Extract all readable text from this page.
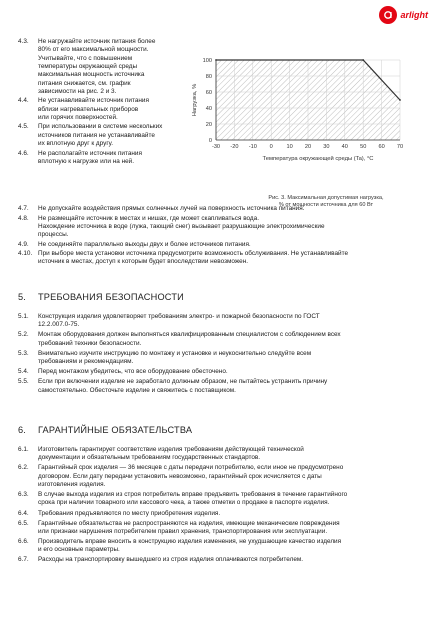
arlight
4.3. Не нагружайте источник питания более
80% от его максимальной мощности.
Учитывайте, что с повышением
температуры окружающей среды
максимальная мощность источника
питания снижается, см. график
зависимости на рис. 2 и 3.
4.4. Не устанавливайте источник питания
вблизи нагревательных приборов
или горячих поверхностей.
4.5. При использовании в системе нескольких
источников питания не устанавливайте
их вплотную друг к другу.
4.6. Не располагайте источник питания
вплотную к нагрузке или на ней.
4.7. Не допускайте воздействия прямых солнечных лучей на поверхность источника питания.
4.8. Не размещайте источник в местах и нишах, где может скапливаться вода.
Нахождение источника в воде (лужа, тающий снег) вызывает разрушающие электрохимические
процессы.
4.9. Не соединяйте параллельно выходы двух и более источников питания.
4.10. При выборе места установки источника предусмотрите возможность обслуживания. Не устанавливайте
источник в местах, доступ к которым будет впоследствии невозможен.
5. ТРЕБОВАНИЯ БЕЗОПАСНОСТИ
5.1. Конструкция изделия удовлетворяет требованиям электро- и пожарной безопасности по ГОСТ
12.2.007.0-75.
5.2. Монтаж оборудования должен выполняться квалифицированным специалистом с соблюдением всех
требований техники безопасности.
5.3. Внимательно изучите инструкцию по монтажу и установке и неукоснительно следуйте всем
требованиям и рекомендациям.
5.4. Перед монтажом убедитесь, что все оборудование обесточено.
5.5. Если при включении изделие не заработало должным образом, не пытайтесь устранить причину
самостоятельно. Обесточьте изделие и свяжитесь с поставщиком.
6. ГАРАНТИЙНЫЕ ОБЯЗАТЕЛЬСТВА
6.1. Изготовитель гарантирует соответствие изделия требованиям действующей технической
документации и обязательным требованиям государственных стандартов.
6.2. Гарантийный срок изделия — 36 месяцев с даты передачи потребителю, если иное не предусмотрено
договором. Если дату передачи установить невозможно, гарантийный срок исчисляется с даты
изготовления изделия.
6.3. В случае выхода изделия из строя потребитель вправе предъявить требования в течение гарантийного
срока при наличии товарного или кассового чека, а также отметки о продаже в паспорте изделия.
6.4. Требования предъявляются по месту приобретения изделия.
6.5. Гарантийные обязательства не распространяются на изделия, имеющие механические повреждения
или признаки нарушения потребителем правил хранения, транспортирования или эксплуатации.
6.6. Производитель вправе вносить в конструкцию изделия изменения, не ухудшающие качество изделия
и его основные параметры.
6.7. Расходы на транспортировку вышедшего из строя изделия оплачиваются потребителем.
0
20
40
60
80
100
-30 -20 -10 0 10 20 30 40 50 60 70
Нагрузка, %
Температура окружающей среды (Ta), °C
Рис. 3. Максимальная допустимая нагрузка,
% от мощности источника для 60 Вт
